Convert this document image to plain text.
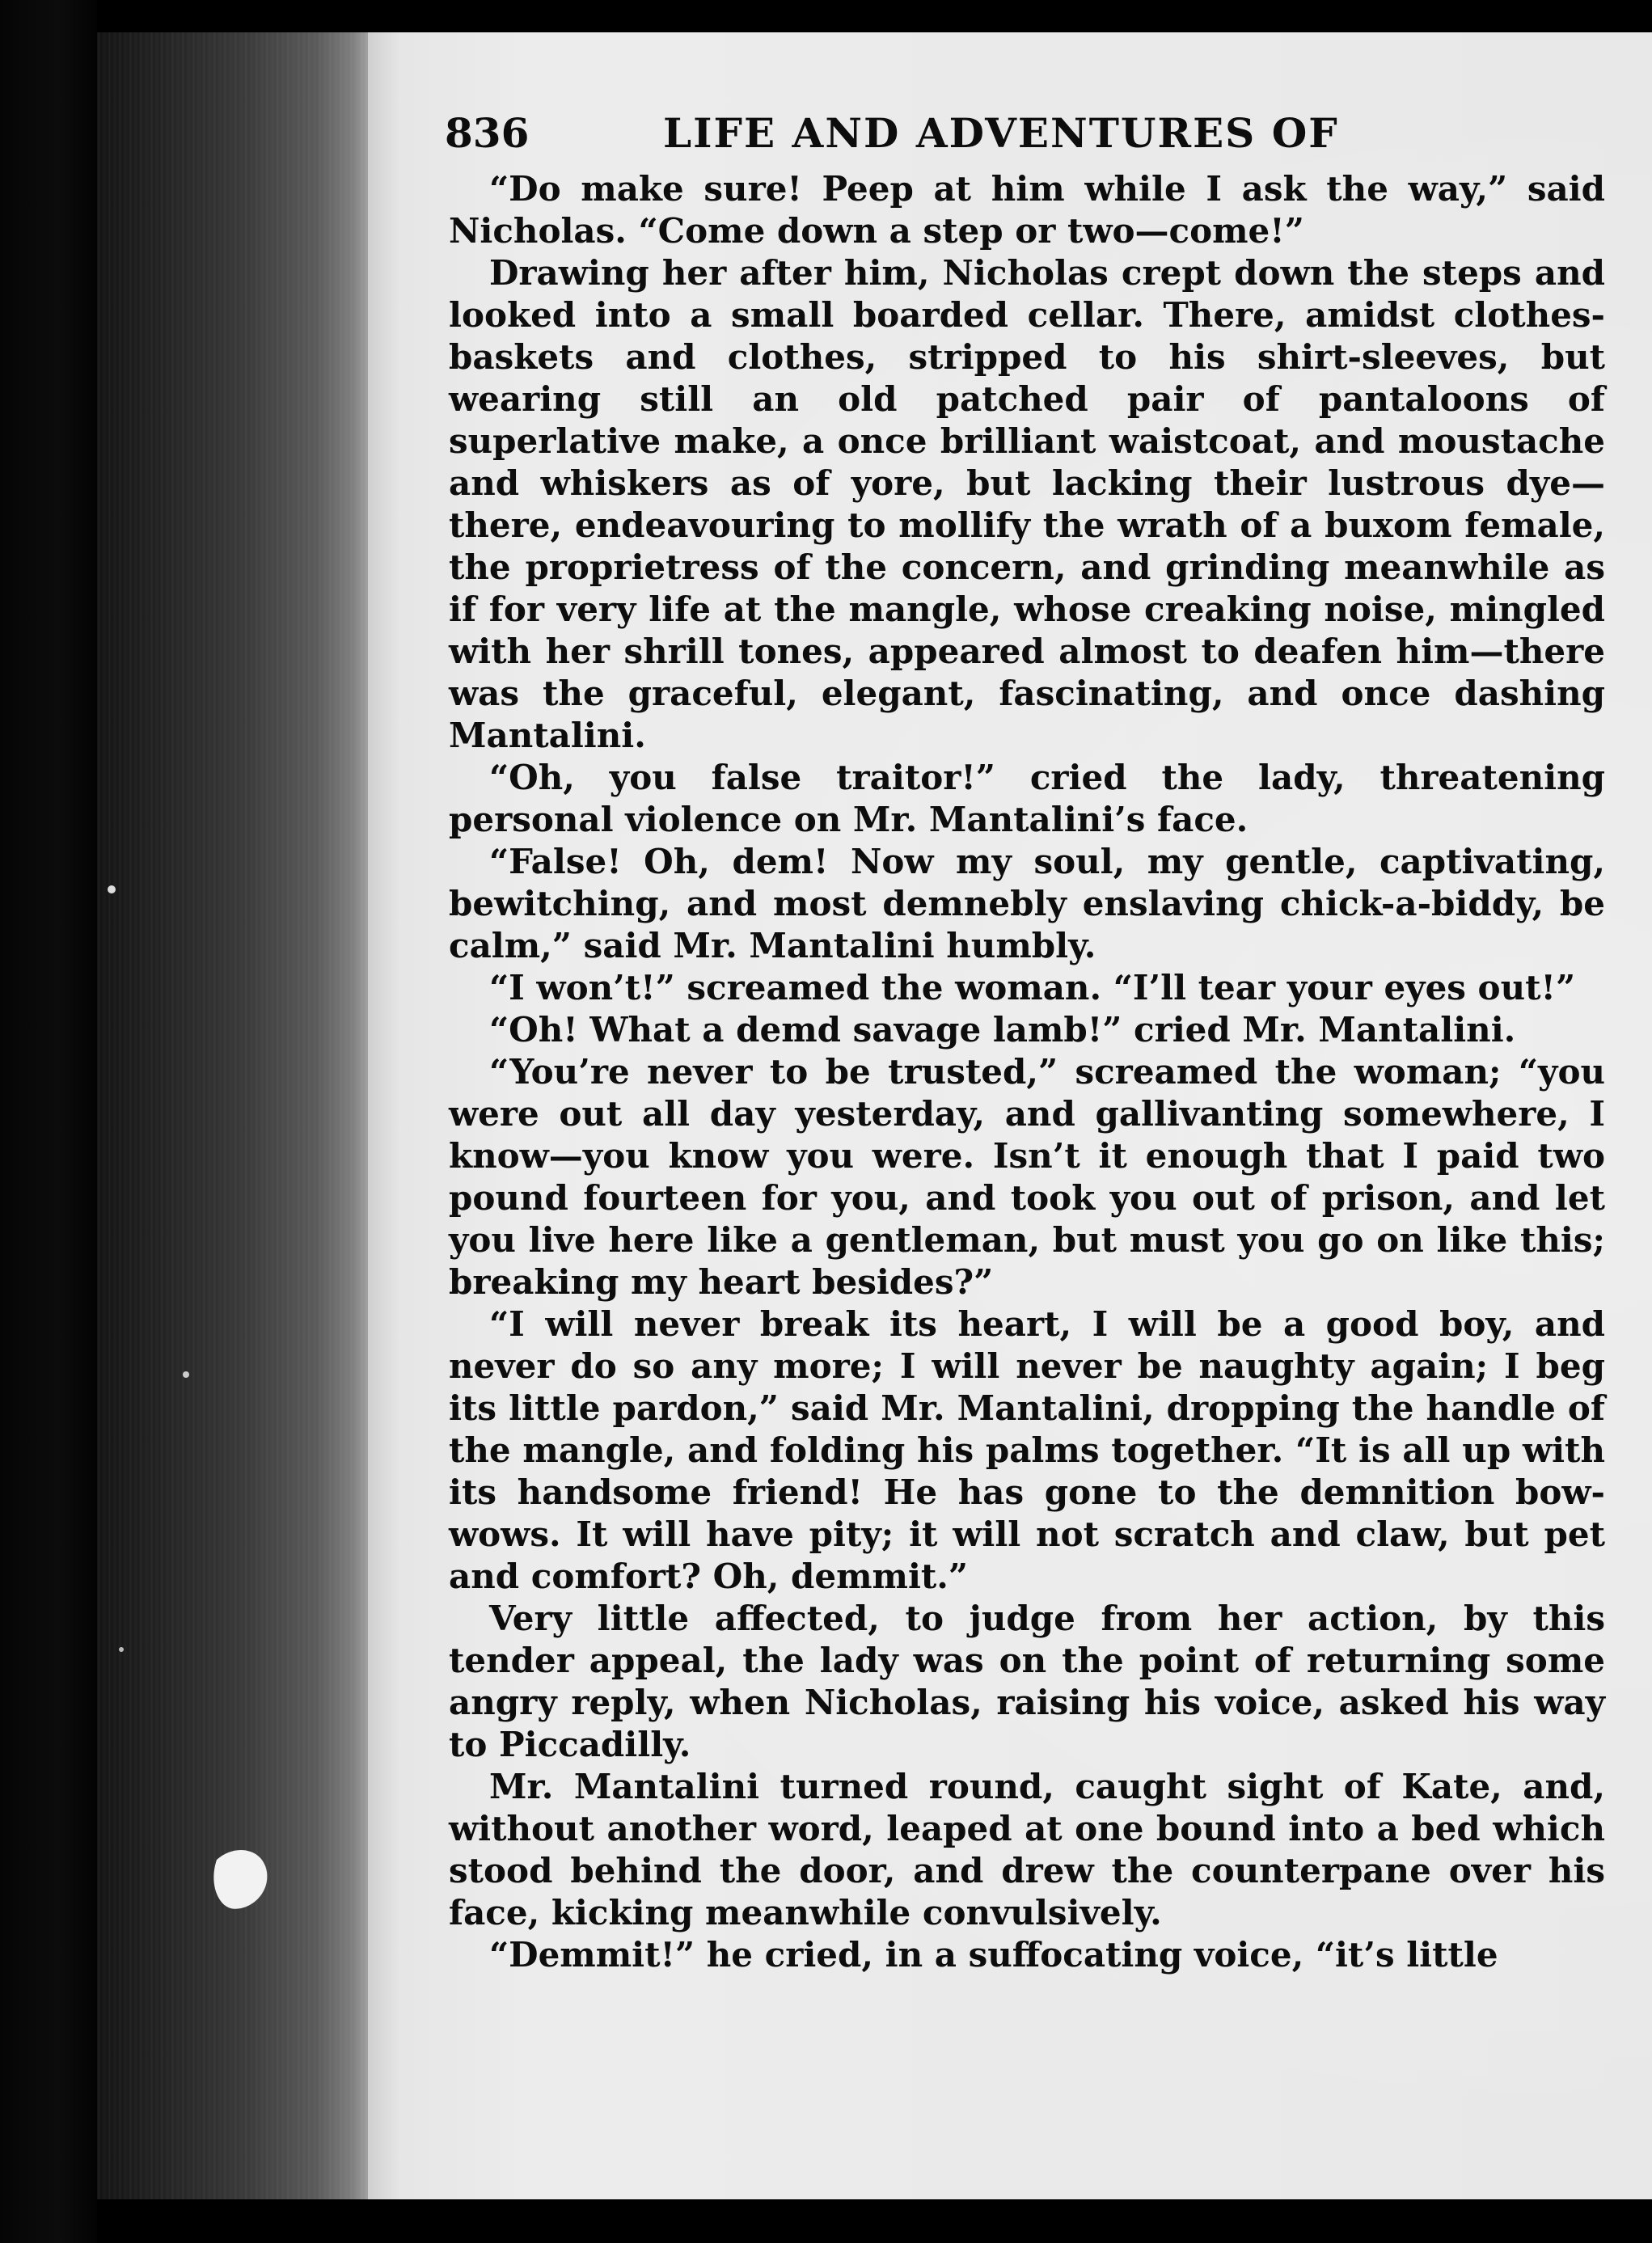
836	LIFE AND ADVENTURES OF

“Do make sure! Peep at him while I ask the way,” said Nicholas. “Come down a step or two—come!”

Drawing her after him, Nicholas crept down the steps and looked into a small boarded cellar. There, amidst clothes-baskets and clothes, stripped to his shirt-sleeves, but wearing still an old patched pair of pantaloons of superlative make, a once brilliant waistcoat, and moustache and whiskers as of yore, but lacking their lustrous dye—there, endeavouring to mollify the wrath of a buxom female, the proprietress of the concern, and grinding meanwhile as if for very life at the mangle, whose creaking noise, mingled with her shrill tones, appeared almost to deafen him—there was the graceful, elegant, fascinating, and once dashing Mantalini.

“Oh, you false traitor!” cried the lady, threatening personal violence on Mr. Mantalini’s face.

“False! Oh, dem! Now my soul, my gentle, captivating, bewitching, and most demnebly enslaving chick-a-biddy, be calm,” said Mr. Mantalini humbly.

“I won’t!” screamed the woman. “I’ll tear your eyes out!”

“Oh! What a demd savage lamb!” cried Mr. Mantalini.

“You’re never to be trusted,” screamed the woman; “you were out all day yesterday, and gallivanting somewhere, I know—you know you were. Isn’t it enough that I paid two pound fourteen for you, and took you out of prison, and let you live here like a gentleman, but must you go on like this; breaking my heart besides?”

“I will never break its heart, I will be a good boy, and never do so any more; I will never be naughty again; I beg its little pardon,” said Mr. Mantalini, dropping the handle of the mangle, and folding his palms together. “It is all up with its handsome friend! He has gone to the demnition bow-wows. It will have pity; it will not scratch and claw, but pet and comfort? Oh, demmit.”

Very little affected, to judge from her action, by this tender appeal, the lady was on the point of returning some angry reply, when Nicholas, raising his voice, asked his way to Piccadilly.

Mr. Mantalini turned round, caught sight of Kate, and, without another word, leaped at one bound into a bed which stood behind the door, and drew the counterpane over his face, kicking meanwhile convulsively.

“Demmit!” he cried, in a suffocating voice, “it’s little
